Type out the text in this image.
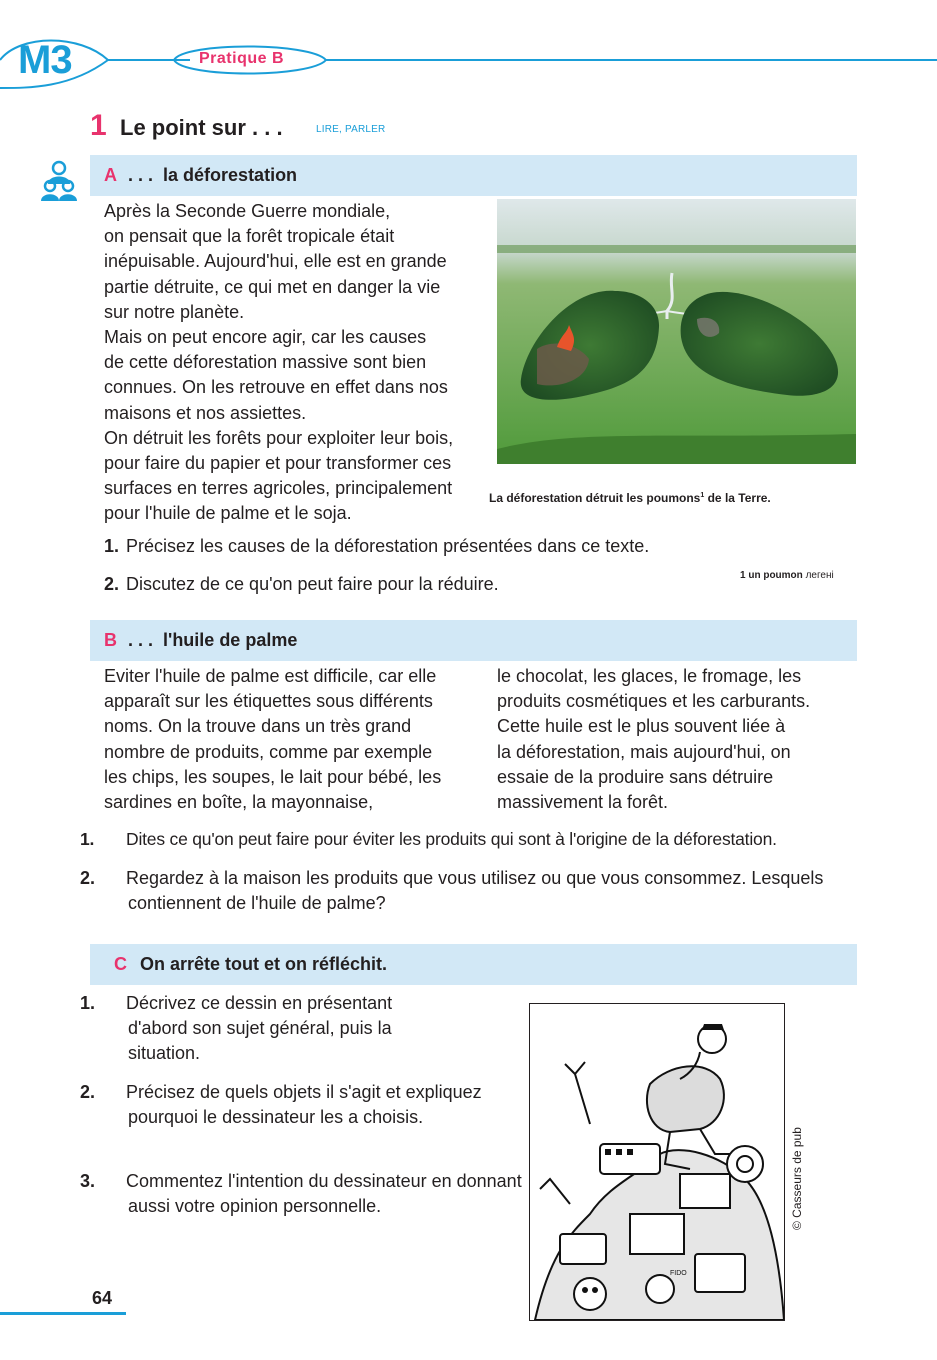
M3	Pratique B
1 Le point sur . . .	LIRE, PARLER
A . . . la déforestation
Après la Seconde Guerre mondiale,
on pensait que la forêt tropicale était
inépuisable. Aujourd'hui, elle est en grande
partie détruite, ce qui met en danger la vie
sur notre planète.
Mais on peut encore agir, car les causes
de cette déforestation massive sont bien
connues. On les retrouve en effet dans nos
maisons et nos assiettes.
On détruit les forêts pour exploiter leur bois,
pour faire du papier et pour transformer ces
surfaces en terres agricoles, principalement
pour l'huile de palme et le soja.
La déforestation détruit les poumons$^1$ de la Terre.
1. Précisez les causes de la déforestation présentées dans ce texte.
2. Discutez de ce qu'on peut faire pour la réduire.	1 un poumon легені
B . . . l'huile de palme
Eviter l'huile de palme est difficile, car elle
apparaît sur les étiquettes sous différents
noms. On la trouve dans un très grand
nombre de produits, comme par exemple
les chips, les soupes, le lait pour bébé, les
sardines en boîte, la mayonnaise,
le chocolat, les glaces, le fromage, les
produits cosmétiques et les carburants.
Cette huile est le plus souvent liée à
la déforestation, mais aujourd'hui, on
essaie de la produire sans détruire
massivement la forêt.
1. Dites ce qu'on peut faire pour éviter les produits qui sont à l'origine de la déforestation.
2. Regardez à la maison les produits que vous utilisez ou que vous consommez. Lesquels contiennent de l'huile de palme?
C On arrête tout et on réfléchit.
1. Décrivez ce dessin en présentant d'abord son sujet général, puis la situation.
2. Précisez de quels objets il s'agit et expliquez pourquoi le dessinateur les a choisis.
3. Commentez l'intention du dessinateur en donnant aussi votre opinion personnelle.
FIDO
© Casseurs de pub
64
